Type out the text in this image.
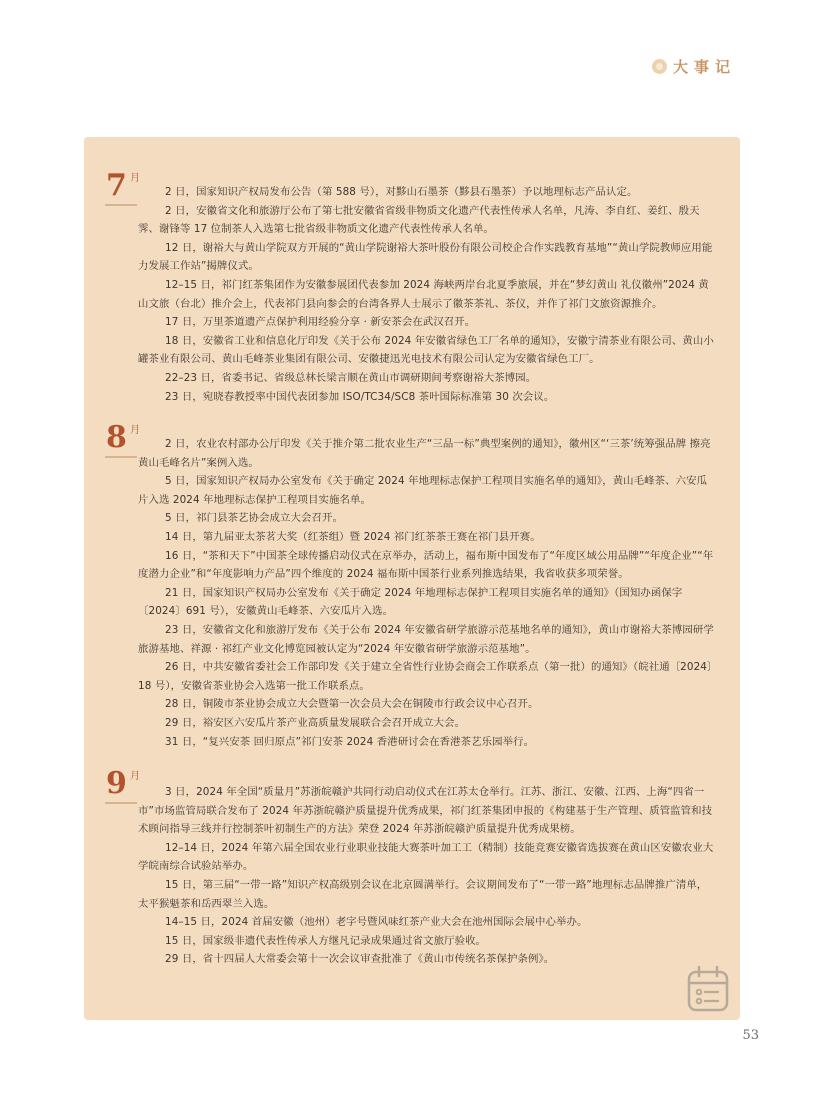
大事记
7 月

2 日，国家知识产权局发布公告（第 588 号），对黟山石墨茶（黟县石墨茶）予以地理标志产品认定。

2 日，安徽省文化和旅游厅公布了第七批安徽省省级非物质文化遗产代表性传承人名单，凡涛、李自红、姜红、殷天霁、谢锋等 17 位制茶人入选第七批省级非物质文化遗产代表性传承人名单。

12 日，谢裕大与黄山学院双方开展的“黄山学院谢裕大茶叶股份有限公司校企合作实践教育基地”“黄山学院教师应用能力发展工作站”揭牌仪式。

12–15 日，祁门红茶集团作为安徽参展团代表参加 2024 海峡两岸台北夏季旅展，并在“梦幻黄山 礼仪徽州”2024 黄山文旅（台北）推介会上，代表祁门县向参会的台湾各界人士展示了徽茶茶礼、茶仪，并作了祁门文旅资源推介。

17 日，万里茶道遗产点保护利用经验分享 · 新安茶会在武汉召开。

18 日，安徽省工业和信息化厅印发《关于公布 2024 年安徽省绿色工厂名单的通知》，安徽宁清茶业有限公司、黄山小罐茶业有限公司、黄山毛峰茶业集团有限公司、安徽捷迅光电技术有限公司认定为安徽省绿色工厂。

22–23 日，省委书记、省级总林长梁言顺在黄山市调研期间考察谢裕大茶博园。

23 日，宛晓春教授率中国代表团参加 ISO/TC34/SC8 茶叶国际标准第 30 次会议。

8 月

2 日，农业农村部办公厅印发《关于推介第二批农业生产“三品一标”典型案例的通知》，徽州区“‘三茶’统筹强品牌 擦亮黄山毛峰名片”案例入选。

5 日，国家知识产权局办公室发布《关于确定 2024 年地理标志保护工程项目实施名单的通知》，黄山毛峰茶、六安瓜片入选 2024 年地理标志保护工程项目实施名单。

5 日，祁门县茶艺协会成立大会召开。

14 日，第九届亚太茶茗大奖（红茶组）暨 2024 祁门红茶茶王赛在祁门县开赛。

16 日，“茶和天下”中国茶全球传播启动仪式在京举办，活动上，福布斯中国发布了“年度区域公用品牌”“年度企业”“年度潜力企业”和“年度影响力产品”四个维度的 2024 福布斯中国茶行业系列推选结果，我省收获多项荣誉。

21 日，国家知识产权局办公室发布《关于确定 2024 年地理标志保护工程项目实施名单的通知》（国知办函保字〔2024〕691 号），安徽黄山毛峰茶、六安瓜片入选。

23 日，安徽省文化和旅游厅发布《关于公布 2024 年安徽省研学旅游示范基地名单的通知》，黄山市谢裕大茶博园研学旅游基地、祥源 · 祁红产业文化博览园被认定为“2024 年安徽省研学旅游示范基地”。

26 日，中共安徽省委社会工作部印发《关于建立全省性行业协会商会工作联系点（第一批）的通知》（皖社通〔2024〕18 号），安徽省茶业协会入选第一批工作联系点。

28 日，铜陵市茶业协会成立大会暨第一次会员大会在铜陵市行政会议中心召开。

29 日，裕安区六安瓜片茶产业高质量发展联合会召开成立大会。

31 日，“复兴安茶 回归原点”祁门安茶 2024 香港研讨会在香港茶艺乐园举行。

9 月

3 日，2024 年全国“质量月”苏浙皖赣沪共同行动启动仪式在江苏太仓举行。江苏、浙江、安徽、江西、上海“四省一市”市场监管局联合发布了 2024 年苏浙皖赣沪质量提升优秀成果，祁门红茶集团申报的《构建基于生产管理、质管监管和技术顾问指导三线并行控制茶叶初制生产的方法》荣登 2024 年苏浙皖赣沪质量提升优秀成果榜。

12–14 日，2024 年第六届全国农业行业职业技能大赛茶叶加工工（精制）技能竞赛安徽省选拔赛在黄山区安徽农业大学皖南综合试验站举办。

15 日，第三届“一带一路”知识产权高级别会议在北京圆满举行。会议期间发布了“一带一路”地理标志品牌推广清单，太平猴魁茶和岳西翠兰入选。

14–15 日，2024 首届安徽（池州）老字号暨风味红茶产业大会在池州国际会展中心举办。

15 日，国家级非遗代表性传承人方继凡记录成果通过省文旅厅验收。

29 日，省十四届人大常委会第十一次会议审查批准了《黄山市传统名茶保护条例》。

53
